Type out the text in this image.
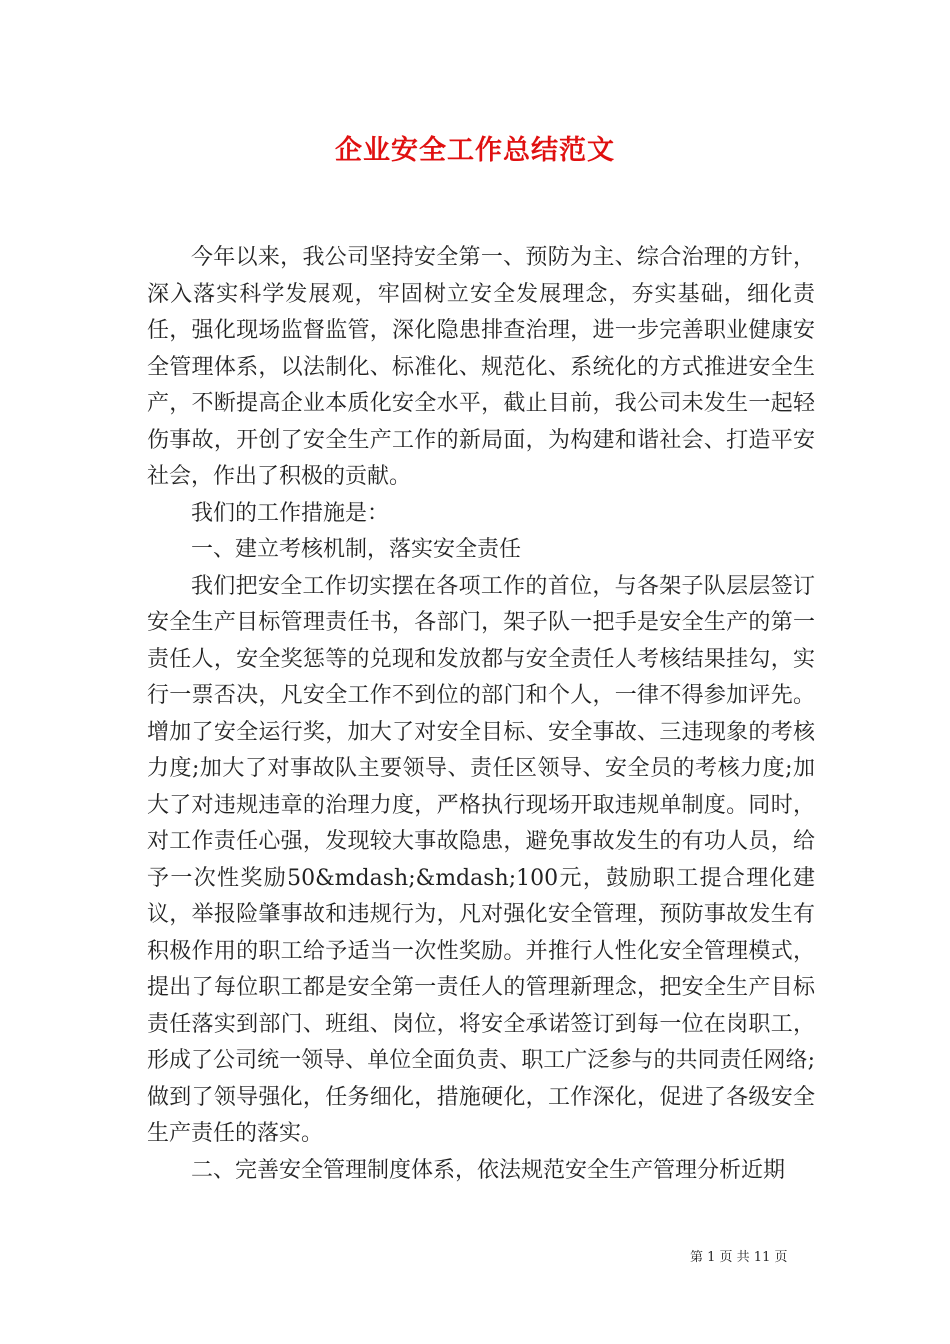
企业安全工作总结范文

今年以来，我公司坚持安全第一、预防为主、综合治理的方针，深入落实科学发展观，牢固树立安全发展理念，夯实基础，细化责任，强化现场监督监管，深化隐患排查治理，进一步完善职业健康安全管理体系，以法制化、标准化、规范化、系统化的方式推进安全生产，不断提高企业本质化安全水平，截止目前，我公司未发生一起轻伤事故，开创了安全生产工作的新局面，为构建和谐社会、打造平安社会，作出了积极的贡献。

我们的工作措施是：

一、建立考核机制，落实安全责任

我们把安全工作切实摆在各项工作的首位，与各架子队层层签订安全生产目标管理责任书，各部门，架子队一把手是安全生产的第一责任人，安全奖惩等的兑现和发放都与安全责任人考核结果挂勾，实行一票否决，凡安全工作不到位的部门和个人，一律不得参加评先。增加了安全运行奖，加大了对安全目标、安全事故、三违现象的考核力度;加大了对事故队主要领导、责任区领导、安全员的考核力度;加大了对违规违章的治理力度，严格执行现场开取违规单制度。同时，对工作责任心强，发现较大事故隐患，避免事故发生的有功人员，给予一次性奖励50&mdash;&mdash;100元，鼓励职工提合理化建议，举报险肇事故和违规行为，凡对强化安全管理，预防事故发生有积极作用的职工给予适当一次性奖励。并推行人性化安全管理模式，提出了每位职工都是安全第一责任人的管理新理念，把安全生产目标责任落实到部门、班组、岗位，将安全承诺签订到每一位在岗职工，形成了公司统一领导、单位全面负责、职工广泛参与的共同责任网络;做到了领导强化，任务细化，措施硬化，工作深化，促进了各级安全生产责任的落实。

二、完善安全管理制度体系，依法规范安全生产管理分析近期

第 1 页 共 11 页
